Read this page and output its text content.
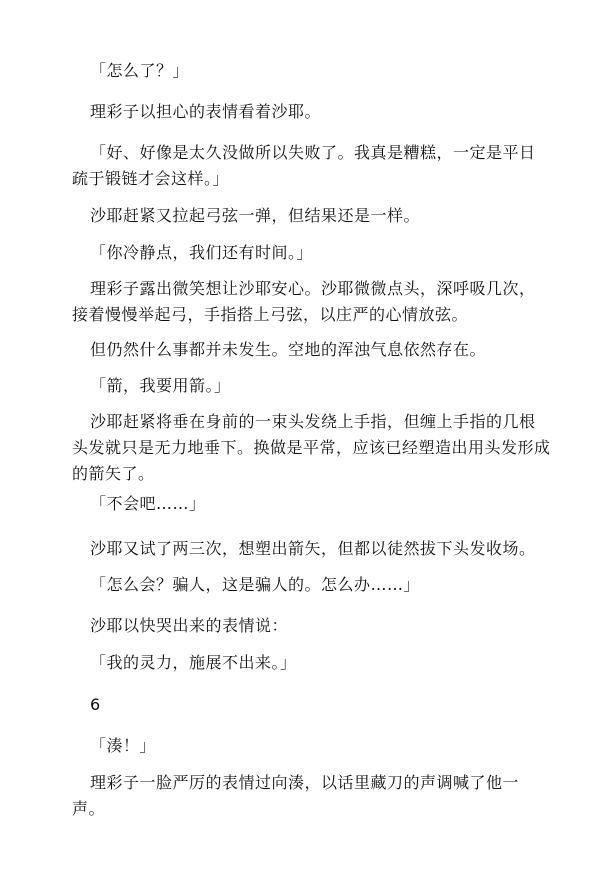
「怎么了？」

理彩子以担心的表情看着沙耶。

「好、好像是太久没做所以失败了。我真是糟糕，一定是平日
疏于锻链才会这样。」

沙耶赶紧又拉起弓弦一弹，但结果还是一样。

「你冷静点，我们还有时间。」

理彩子露出微笑想让沙耶安心。沙耶微微点头，深呼吸几次，
接着慢慢举起弓，手指搭上弓弦，以庄严的心情放弦。

但仍然什么事都并未发生。空地的浑浊气息依然存在。

「箭，我要用箭。」

沙耶赶紧将垂在身前的一束头发绕上手指，但缠上手指的几根
头发就只是无力地垂下。换做是平常，应该已经塑造出用头发形成
的箭矢了。

「不会吧……」

沙耶又试了两三次，想塑出箭矢，但都以徒然拔下头发收场。

「怎么会？骗人，这是骗人的。怎么办……」

沙耶以快哭出来的表情说：

「我的灵力，施展不出来。」

6

「湊！」

理彩子一脸严厉的表情过向湊，以话里藏刀的声调喊了他一
声。
